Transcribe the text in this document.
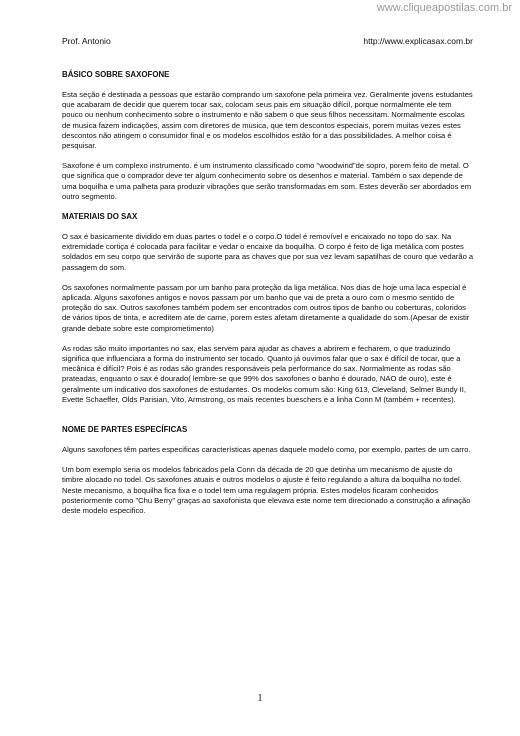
www.cliqueapostilas.com.br
Prof. Antonio	http://www.explicasax.com.br
BÁSICO SOBRE SAXOFONE

Esta seção é destinada a pessoas que estarão comprando um saxofone pela primeira vez. Geralmente jovens estudantes que acabaram de decidir que querem tocar sax, colocam seus pais em situação difícil, porque normalmente ele tem pouco ou nenhum conhecimento sobre o instrumento e não sabem o que seus filhos necessitam. Normalmente escolas de musica fazem indicações, assim com diretores de musica, que tem descontos especiais, porem muitas vezes estes descontos não atingem o consumidor final e os modelos escolhidos estão for a das possibilidades. A melhor coisa é pesquisar.

Saxofone é um complexo instrumento. é um instrumento classificado como "woodwind"de sopro, porem feito de metal. O que significa que o comprador deve ter algum conhecimento sobre os desenhos e material. Também o sax depende de uma boquilha e uma palheta para produzir vibrações que serão transformadas em som. Estes deverão ser abordados em outro segmento.

MATERIAIS DO SAX

O sax é basicamente dividido em duas partes o todel e o corpo.O todel é removível e encaixado no topo do sax. Na extremidade cortiça é colocada para facilitar e vedar o encaixe da boquilha. O corpo é feito de liga metálica com postes soldados em seu corpo que servirão de suporte para as chaves que por sua vez levam sapatilhas de couro que vedarão a passagem do som.

Os saxofones normalmente passam por um banho para proteção da liga metálica. Nos dias de hoje uma laca especial é aplicada. Alguns saxofones antigos e novos passam por um banho que vai de preta a ouro com o mesmo sentido de proteção do sax. Outros saxofones também podem ser encontrados com outros tipos de banho ou coberturas, coloridos de vários tipos de tinta, e acreditem ate de carne, porem estes afetam diretamente a qualidade do som.(Apesar de existir grande debate sobre este comprometimento)

As rodas são muito importantes no sax, elas servem para ajudar as chaves a abrirem e fecharem, o que traduzindo significa que influenciara a forma do instrumento ser tocado. Quanto já ouvimos falar que o sax é difícil de tocar, que a mecânica é difícil? Pois é as rodas são grandes responsáveis pela performance do sax. Normalmente as rodas são prateadas, enquanto o sax é dourado( lembre-se que 99% dos saxofones o banho é dourado, NAO de ouro), este é geralmente um indicativo dos saxofones de estudantes. Os modelos comum são: King 613, Cleveland, Selmer Bundy II, Evette Schaeffer, Olds Parisian, Vito, Armstrong, os mais recentes bueschers e a linha Conn M (também + recentes).

NOME DE PARTES ESPECÍFICAS

Alguns saxofones têm partes especificas características apenas daquele modelo como, por exemplo, partes de um carro.

Um bom exemplo seria os modelos fabricados pela Conn da década de 20 que detinha um mecanismo de ajuste do timbre alocado no todel. Os saxofones atuais e outros modelos o ajuste é feito regulando a altura da boquilha no todel. Neste mecanismo, a boquilha fica fixa e o todel tem uma regulagem própria. Estes modelos ficaram conhecidos posteriormente como "Chu Berry" graças ao saxofonista que elevava este nome tem direcionado a construção a afinação deste modelo especifico.

1
